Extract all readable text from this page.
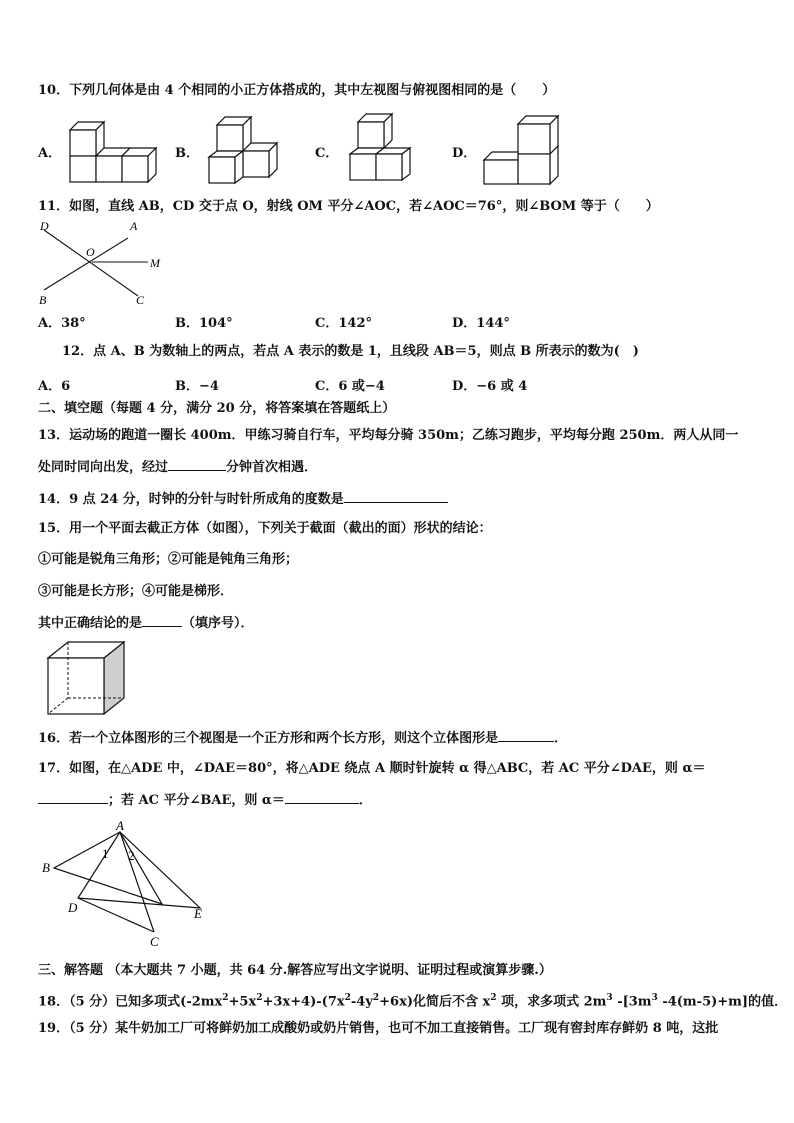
10．下列几何体是由 4 个相同的小正方体搭成的，其中左视图与俯视图相同的是（　　）
A．	B．	C．	D．
11．如图，直线 AB，CD 交于点 O，射线 OM 平分∠AOC，若∠AOC＝76°，则∠BOM 等于（　　）
D
O
A
M
B	C
A．38°	B．104°	C．142°	D．144°
12．点 A、B 为数轴上的两点，若点 A 表示的数是 1，且线段 AB＝5，则点 B 所表示的数为(　)
A．6	B．−4	C．6 或−4	D．−6 或 4
二、填空题（每题 4 分，满分 20 分，将答案填在答题纸上）
13．运动场的跑道一圈长 400m．甲练习骑自行车，平均每分骑 350m；乙练习跑步，平均每分跑 250m．两人从同一
处同时同向出发，经过	分钟首次相遇．
14．9 点 24 分，时钟的分针与时针所成角的度数是
15．用一个平面去截正方体（如图），下列关于截面（截出的面）形状的结论：
①可能是锐角三角形；②可能是钝角三角形；
③可能是长方形；④可能是梯形．
其中正确结论的是	（填序号）．
16．若一个立体图形的三个视图是一个正方形和两个长方形，则这个立体图形是	．
17．如图，在△ADE 中，∠DAE＝80°，将△ADE 绕点 A 顺时针旋转 α 得△ABC，若 AC 平分∠DAE，则 α＝
；若 AC 平分∠BAE，则 α＝	．
A
B
1 2
D	E
C
三、解答题 （本大题共 7 小题，共 64 分.解答应写出文字说明、证明过程或演算步骤.）
18．（5 分）已知多项式$(-2mx^2+5x^2+3x+4)-(7x^2-4y^2+6x)$化简后不含 $x^2$ 项，求多项式 $2m^3$ $-[3m^3$ -4(m-5)+m]的值．
19．（5 分）某牛奶加工厂可将鲜奶加工成酸奶或奶片销售，也可不加工直接销售。工厂现有窖封库存鲜奶 8 吨，这批
